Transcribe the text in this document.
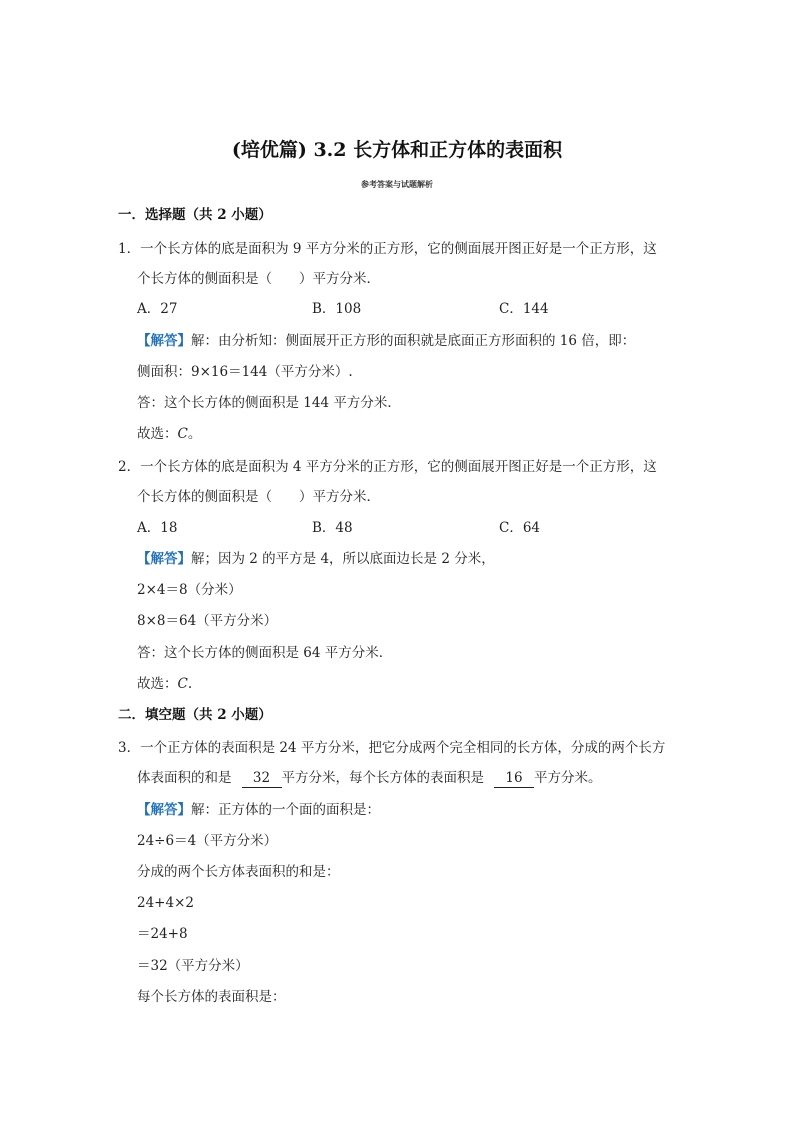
(培优篇) 3.2 长方体和正方体的表面积
参考答案与试题解析
一．选择题（共 2 小题）
1．一个长方体的底是面积为 9 平方分米的正方形，它的侧面展开图正好是一个正方形，这
个长方体的侧面积是（　　）平方分米．
A．27	B．108	C．144
【解答】解：由分析知：侧面展开正方形的面积就是底面正方形面积的 16 倍，即：
侧面积：9×16＝144（平方分米）.
答：这个长方体的侧面积是 144 平方分米．
故选：C。
2．一个长方体的底是面积为 4 平方分米的正方形，它的侧面展开图正好是一个正方形，这
个长方体的侧面积是（　　）平方分米．
A．18	B．48	C．64
【解答】解；因为 2 的平方是 4，所以底面边长是 2 分米，
2×4＝8（分米）
8×8＝64（平方分米）
答：这个长方体的侧面积是 64 平方分米．
故选：C.
二．填空题（共 2 小题）
3．一个正方体的表面积是 24 平方分米，把它分成两个完全相同的长方体，分成的两个长方
体表面积的和是 32 平方分米，每个长方体的表面积是 16 平方分米。
【解答】解：正方体的一个面的面积是：
24÷6＝4（平方分米）
分成的两个长方体表面积的和是：
24+4×2
＝24+8
＝32（平方分米）
每个长方体的表面积是：
